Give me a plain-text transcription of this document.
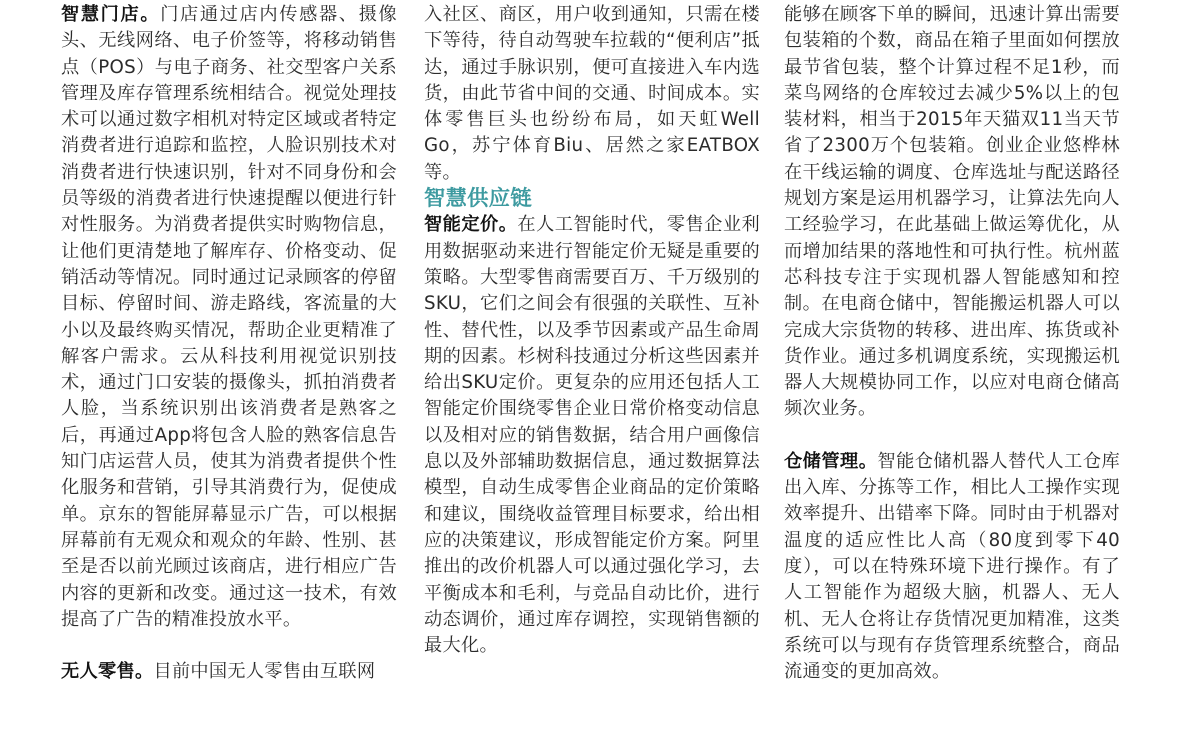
智慧门店。门店通过店内传感器、摄像头、无线网络、电子价签等，将移动销售点（POS）与电子商务、社交型客户关系管理及库存管理系统相结合。视觉处理技术可以通过数字相机对特定区域或者特定消费者进行追踪和监控，人脸识别技术对消费者进行快速识别，针对不同身份和会员等级的消费者进行快速提醒以便进行针对性服务。为消费者提供实时购物信息，让他们更清楚地了解库存、价格变动、促销活动等情况。同时通过记录顾客的停留目标、停留时间、游走路线，客流量的大小以及最终购买情况，帮助企业更精准了解客户需求。云从科技利用视觉识别技术，通过门口安装的摄像头，抓拍消费者人脸，当系统识别出该消费者是熟客之后，再通过App将包含人脸的熟客信息告知门店运营人员，使其为消费者提供个性化服务和营销，引导其消费行为，促使成单。京东的智能屏幕显示广告，可以根据屏幕前有无观众和观众的年龄、性别、甚至是否以前光顾过该商店，进行相应广告内容的更新和改变。通过这一技术，有效提高了广告的精准投放水平。

无人零售。目前中国无人零售由互联网

入社区、商区，用户收到通知，只需在楼下等待，待自动驾驶车拉载的“便利店”抵达，通过手脉识别，便可直接进入车内选货，由此节省中间的交通、时间成本。实体零售巨头也纷纷布局，如天虹Well Go，苏宁体育Biu、居然之家EATBOX等。

智慧供应链

智能定价。在人工智能时代，零售企业利用数据驱动来进行智能定价无疑是重要的策略。大型零售商需要百万、千万级别的SKU，它们之间会有很强的关联性、互补性、替代性，以及季节因素或产品生命周期的因素。杉树科技通过分析这些因素并给出SKU定价。更复杂的应用还包括人工智能定价围绕零售企业日常价格变动信息以及相对应的销售数据，结合用户画像信息以及外部辅助数据信息，通过数据算法模型，自动生成零售企业商品的定价策略和建议，围绕收益管理目标要求，给出相应的决策建议，形成智能定价方案。阿里推出的改价机器人可以通过强化学习，去平衡成本和毛利，与竞品自动比价，进行动态调价，通过库存调控，实现销售额的最大化。

能够在顾客下单的瞬间，迅速计算出需要包装箱的个数，商品在箱子里面如何摆放最节省包装，整个计算过程不足1秒，而菜鸟网络的仓库较过去减少5%以上的包装材料，相当于2015年天猫双11当天节省了2300万个包装箱。创业企业悠桦林在干线运输的调度、仓库选址与配送路径规划方案是运用机器学习，让算法先向人工经验学习，在此基础上做运筹优化，从而增加结果的落地性和可执行性。杭州蓝芯科技专注于实现机器人智能感知和控制。在电商仓储中，智能搬运机器人可以完成大宗货物的转移、进出库、拣货或补货作业。通过多机调度系统，实现搬运机器人大规模协同工作，以应对电商仓储高频次业务。

仓储管理。智能仓储机器人替代人工仓库出入库、分拣等工作，相比人工操作实现效率提升、出错率下降。同时由于机器对温度的适应性比人高（80度到零下40度），可以在特殊环境下进行操作。有了人工智能作为超级大脑，机器人、无人机、无人仓将让存货情况更加精准，这类系统可以与现有存货管理系统整合，商品流通变的更加高效。
